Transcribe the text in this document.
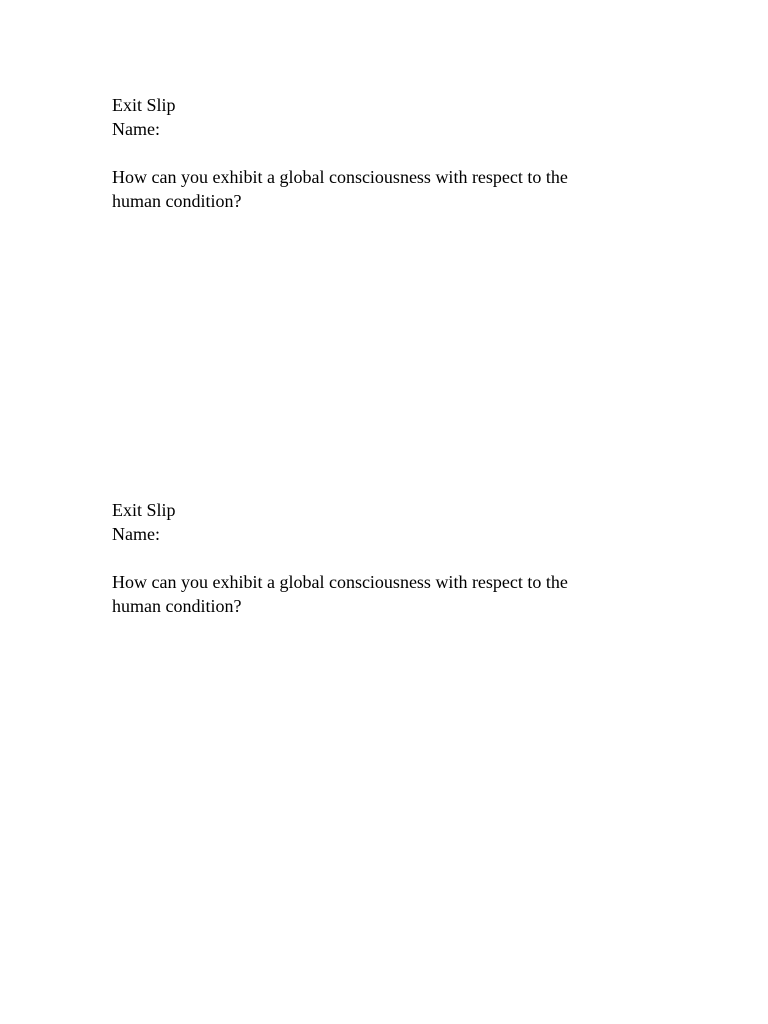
Exit Slip
Name:
How can you exhibit a global consciousness with respect to the
human condition?
Exit Slip
Name:
How can you exhibit a global consciousness with respect to the
human condition?
